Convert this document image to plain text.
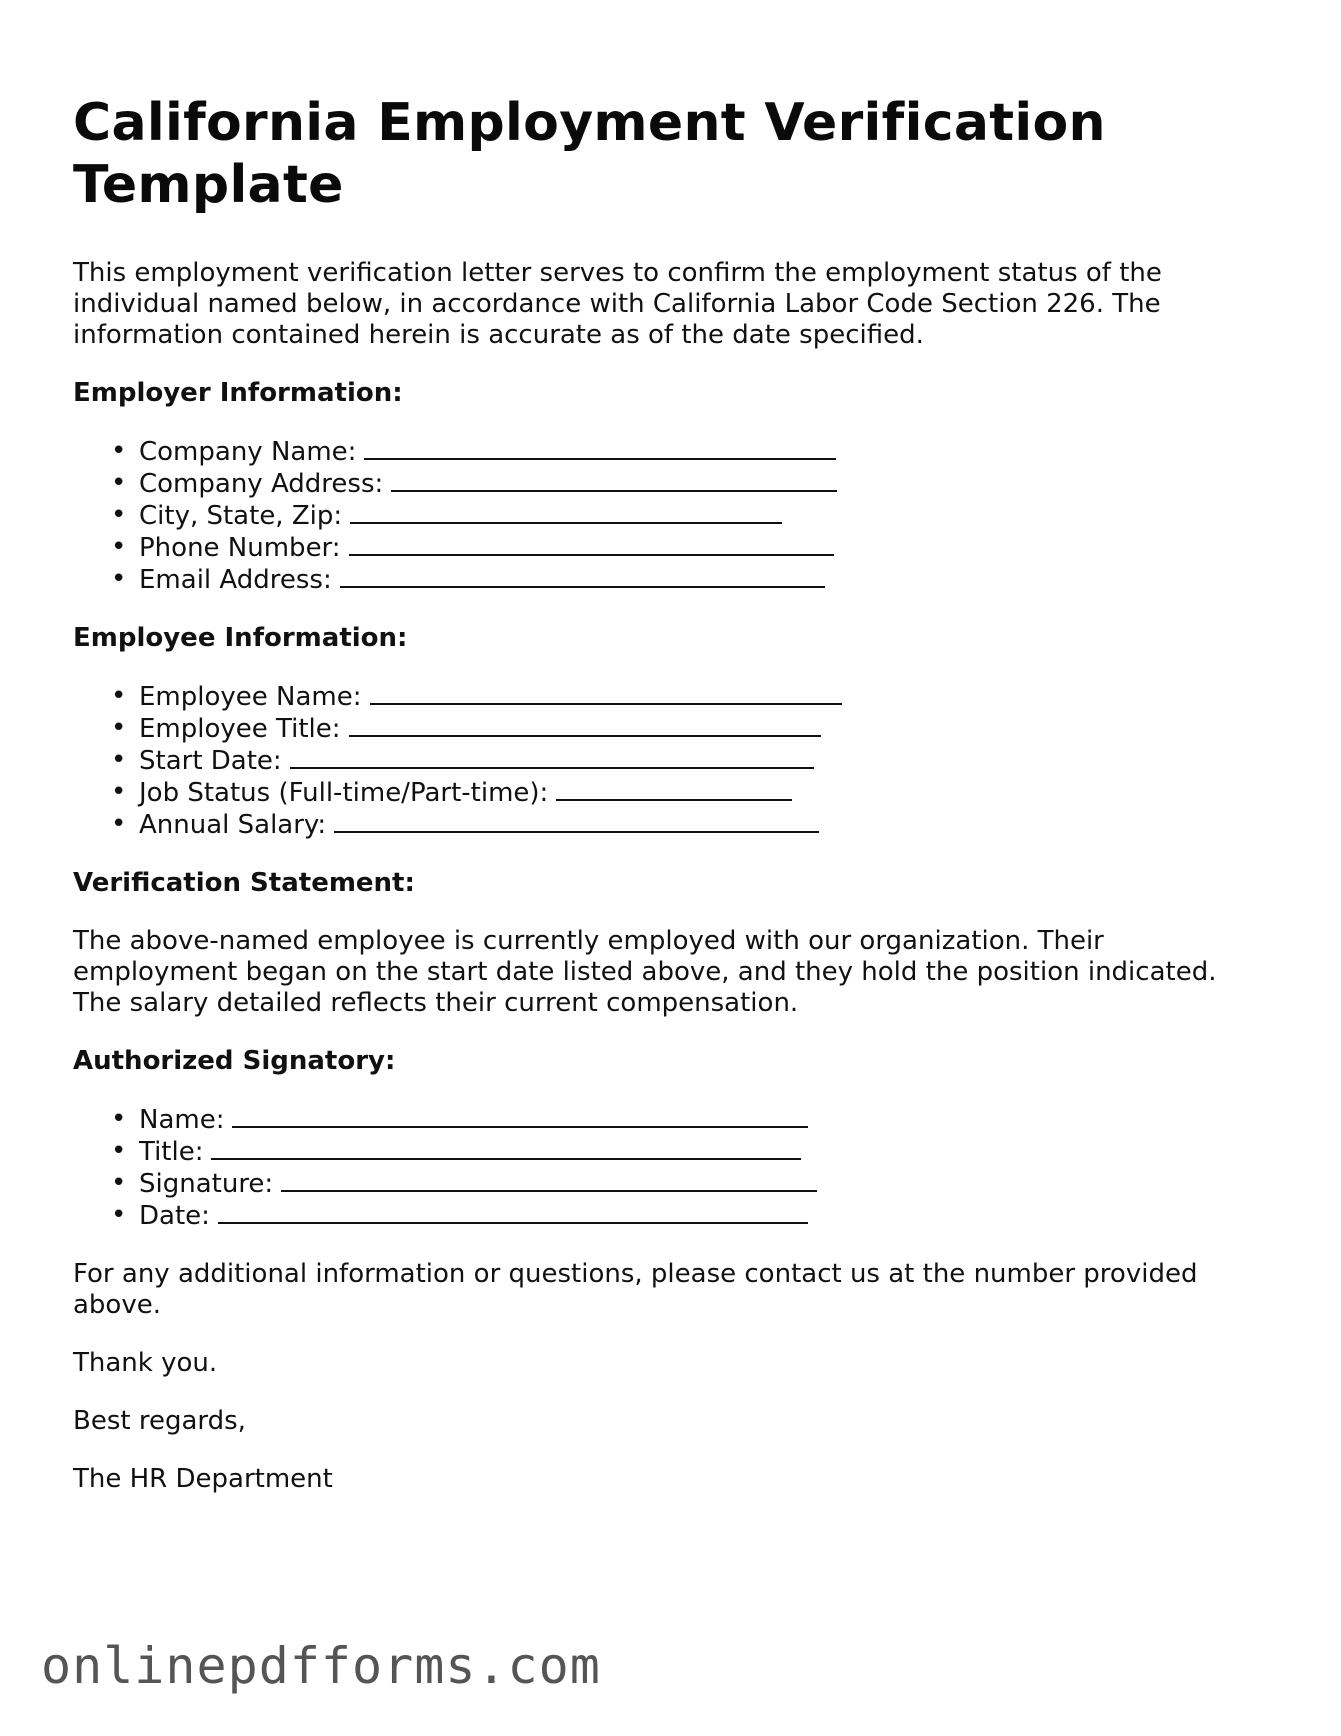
California Employment Verification Template

This employment verification letter serves to confirm the employment status of the individual named below, in accordance with California Labor Code Section 226. The information contained herein is accurate as of the date specified.

Employer Information:
• Company Name:
• Company Address:
• City, State, Zip:
• Phone Number:
• Email Address:
Employee Information:
• Employee Name:
• Employee Title:
• Start Date:
• Job Status (Full-time/Part-time):
• Annual Salary:
Verification Statement:

The above-named employee is currently employed with our organization. Their employment began on the start date listed above, and they hold the position indicated. The salary detailed reflects their current compensation.

Authorized Signatory:
• Name:
• Title:
• Signature:
• Date:

For any additional information or questions, please contact us at the number provided above.

Thank you.

Best regards,

The HR Department

onlinepdfforms.com
